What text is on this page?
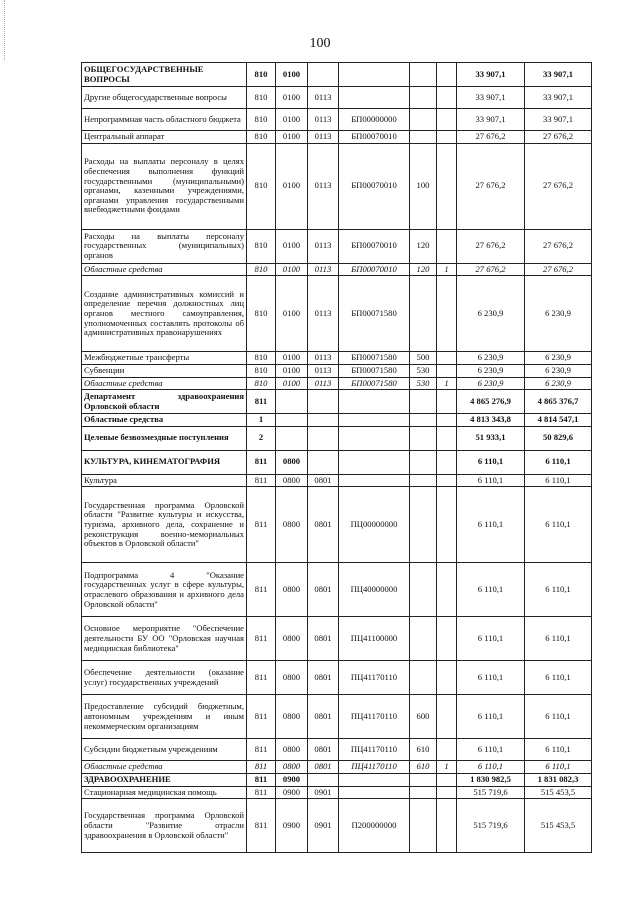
100
ОБЩЕГОСУДАРСТВЕННЫЕ ВОПРОСЫ	810	0100					33 907,1	33 907,1
Другие общегосударственные вопросы	810	0100	0113				33 907,1	33 907,1
Непрограммная часть областного бюджета	810	0100	0113	БП00000000			33 907,1	33 907,1
Центральный аппарат	810	0100	0113	БП00070010			27 676,2	27 676,2
Расходы на выплаты персоналу в целях обеспечения выполнения функций государственными (муниципальными) органами, казенными учреждениями, органами управления государственными внебюджетными фондами	810	0100	0113	БП00070010	100		27 676,2	27 676,2
Расходы на выплаты персоналу государственных (муниципальных) органов	810	0100	0113	БП00070010	120		27 676,2	27 676,2
Областные средства	810	0100	0113	БП00070010	120	1	27 676,2	27 676,2
Создание административных комиссий и определение перечня должностных лиц органов местного самоуправления, уполномоченных составлять протоколы об административных правонарушениях	810	0100	0113	БП00071580			6 230,9	6 230,9
Межбюджетные трансферты	810	0100	0113	БП00071580	500		6 230,9	6 230,9
Субвенции	810	0100	0113	БП00071580	530		6 230,9	6 230,9
Областные средства	810	0100	0113	БП00071580	530	1	6 230,9	6 230,9
Департамент здравоохранения Орловской области	811						4 865 276,9	4 865 376,7
Областные средства	1						4 813 343,8	4 814 547,1
Целевые безвозмездные поступления	2						51 933,1	50 829,6
КУЛЬТУРА, КИНЕМАТОГРАФИЯ	811	0800					6 110,1	6 110,1
Культура	811	0800	0801				6 110,1	6 110,1
Государственная программа Орловской области "Развитие культуры и искусства, туризма, архивного дела, сохранение и реконструкция военно-мемориальных объектов в Орловской области"	811	0800	0801	ПЦ00000000			6 110,1	6 110,1
Подпрограмма 4 "Оказание государственных услуг в сфере культуры, отраслевого образования и архивного дела Орловской области"	811	0800	0801	ПЦ40000000			6 110,1	6 110,1
Основное мероприятие "Обеспечение деятельности БУ ОО "Орловская научная медицинская библиотека"	811	0800	0801	ПЦ41100000			6 110,1	6 110,1
Обеспечение деятельности (оказание услуг) государственных учреждений	811	0800	0801	ПЦ41170110			6 110,1	6 110,1
Предоставление субсидий бюджетным, автономным учреждениям и иным некоммерческим организациям	811	0800	0801	ПЦ41170110	600		6 110,1	6 110,1
Субсидии бюджетным учреждениям	811	0800	0801	ПЦ41170110	610		6 110,1	6 110,1
Областные средства	811	0800	0801	ПЦ41170110	610	1	6 110,1	6 110,1
ЗДРАВООХРАНЕНИЕ	811	0900					1 830 982,5	1 831 082,3
Стационарная медицинская помощь	811	0900	0901				515 719,6	515 453,5
Государственная программа Орловской области "Развитие отрасли здравоохранения в Орловской области"	811	0900	0901	П200000000			515 719,6	515 453,5
